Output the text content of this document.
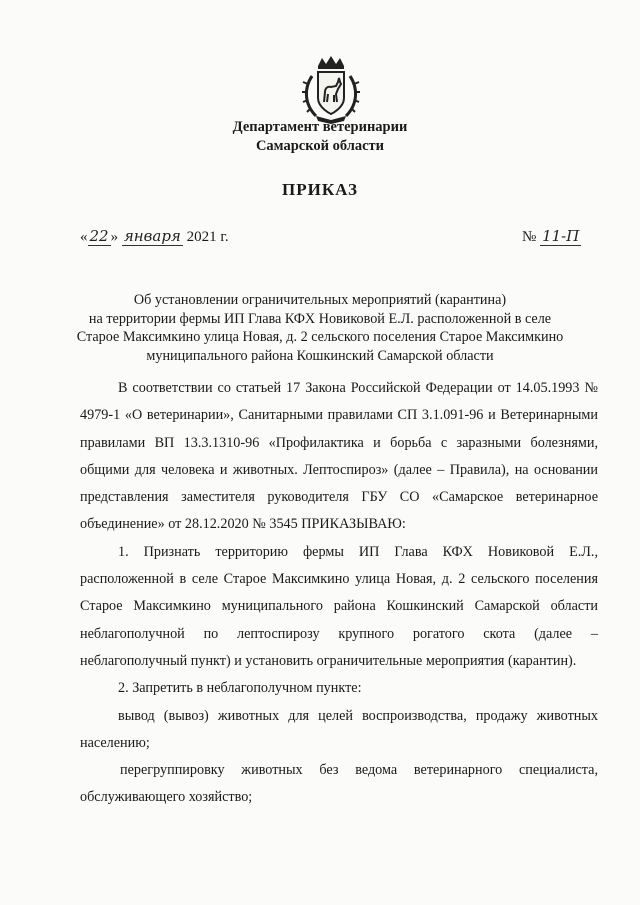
Департамент ветеринарии
Самарской области
ПРИКАЗ
« 22 » января 2021 г.	№ 11-П
Об установлении ограничительных мероприятий (карантина)
на территории фермы ИП Глава КФХ Новиковой Е.Л. расположенной в селе
Старое Максимкино улица Новая, д. 2 сельского поселения Старое Максимкино
муниципального района Кошкинский Самарской области

В соответствии со статьей 17 Закона Российской Федерации от 14.05.1993 № 4979-1 «О ветеринарии», Санитарными правилами СП 3.1.091-96 и Ветеринарными правилами ВП 13.3.1310-96 «Профилактика и борьба с заразными болезнями, общими для человека и животных. Лептоспироз» (далее – Правила), на основании представления заместителя руководителя ГБУ СО «Самарское ветеринарное объединение» от 28.12.2020 № 3545 ПРИКАЗЫВАЮ:

1. Признать территорию фермы ИП Глава КФХ Новиковой Е.Л., расположенной в селе Старое Максимкино улица Новая, д. 2 сельского поселения Старое Максимкино муниципального района Кошкинский Самарской области неблагополучной по лептоспирозу крупного рогатого скота (далее – неблагополучный пункт) и установить ограничительные мероприятия (карантин).

2. Запретить в неблагополучном пункте:

вывод (вывоз) животных для целей воспроизводства, продажу животных населению;

перегруппировку животных без ведома ветеринарного специалиста, обслуживающего хозяйство;
